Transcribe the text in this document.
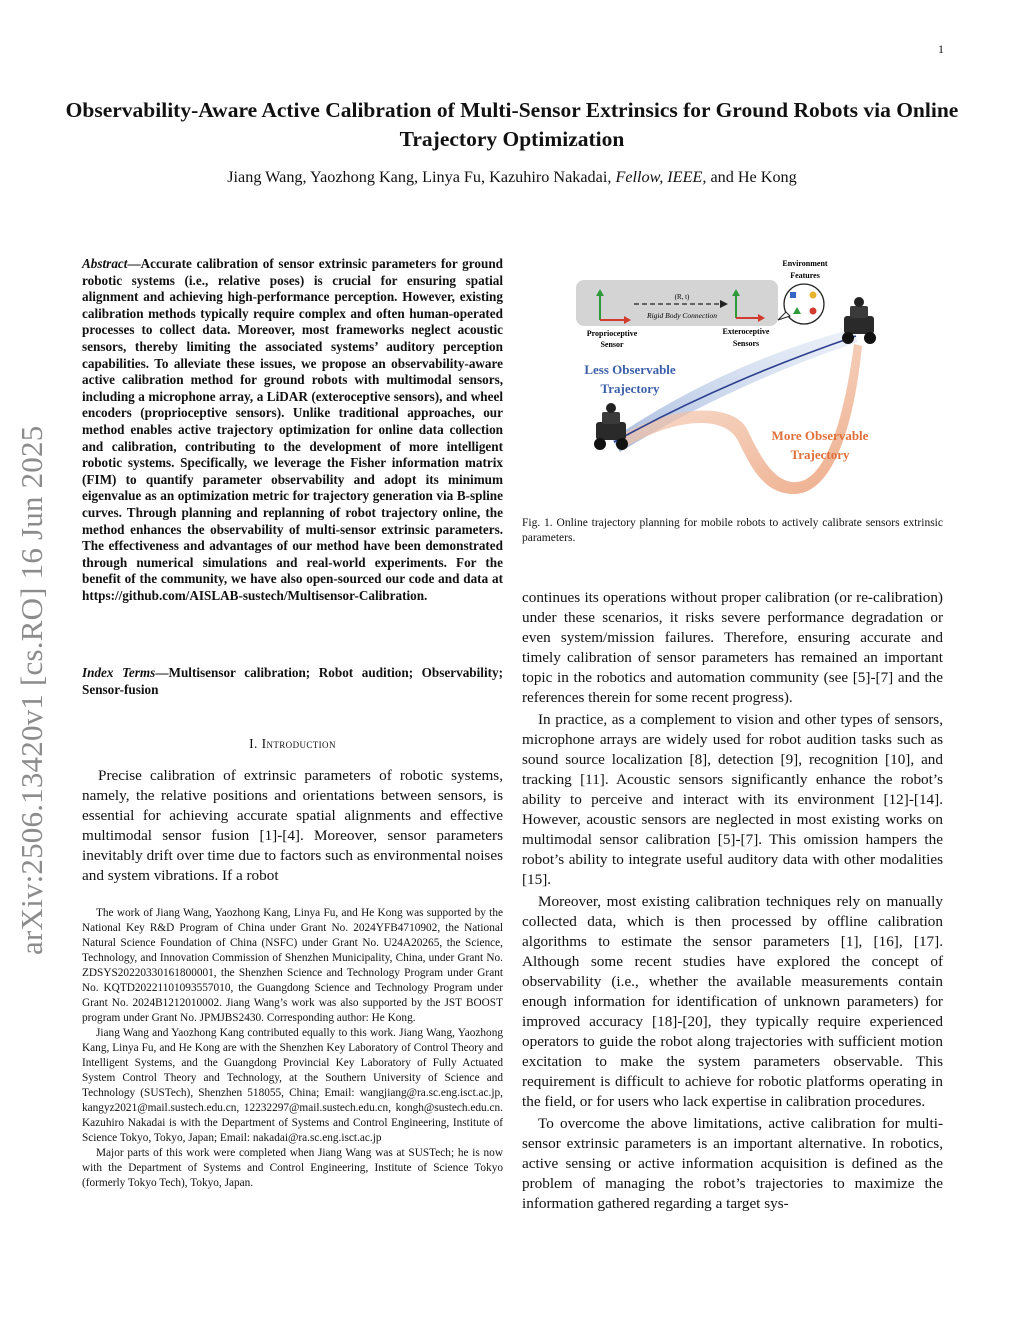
1
Observability-Aware Active Calibration of Multi-Sensor Extrinsics for Ground Robots via Online Trajectory Optimization
Jiang Wang, Yaozhong Kang, Linya Fu, Kazuhiro Nakadai, Fellow, IEEE, and He Kong
arXiv:2506.13420v1 [cs.RO] 16 Jun 2025
Abstract—Accurate calibration of sensor extrinsic parameters for ground robotic systems (i.e., relative poses) is crucial for ensuring spatial alignment and achieving high-performance perception. However, existing calibration methods typically require complex and often human-operated processes to collect data. Moreover, most frameworks neglect acoustic sensors, thereby limiting the associated systems’ auditory perception capabilities. To alleviate these issues, we propose an observability-aware active calibration method for ground robots with multimodal sensors, including a microphone array, a LiDAR (exteroceptive sensors), and wheel encoders (proprioceptive sensors). Unlike traditional approaches, our method enables active trajectory optimization for online data collection and calibration, contributing to the development of more intelligent robotic systems. Specifically, we leverage the Fisher information matrix (FIM) to quantify parameter observability and adopt its minimum eigenvalue as an optimization metric for trajectory generation via B-spline curves. Through planning and replanning of robot trajectory online, the method enhances the observability of multi-sensor extrinsic parameters. The effectiveness and advantages of our method have been demonstrated through numerical simulations and real-world experiments. For the benefit of the community, we have also open-sourced our code and data at https://github.com/AISLAB-sustech/Multisensor-Calibration.
Index Terms—Multisensor calibration; Robot audition; Observability; Sensor-fusion
I. Introduction
Precise calibration of extrinsic parameters of robotic systems, namely, the relative positions and orientations between sensors, is essential for achieving accurate spatial alignments and effective multimodal sensor fusion [1]-[4]. Moreover, sensor parameters inevitably drift over time due to factors such as environmental noises and system vibrations. If a robot

The work of Jiang Wang, Yaozhong Kang, Linya Fu, and He Kong was supported by the National Key R&D Program of China under Grant No. 2024YFB4710902, the National Natural Science Foundation of China (NSFC) under Grant No. U24A20265, the Science, Technology, and Innovation Commission of Shenzhen Municipality, China, under Grant No. ZDSYS20220330161800001, the Shenzhen Science and Technology Program under Grant No. KQTD20221101093557010, the Guangdong Science and Technology Program under Grant No. 2024B1212010002. Jiang Wang’s work was also supported by the JST BOOST program under Grant No. JPMJBS2430. Corresponding author: He Kong.

Jiang Wang and Yaozhong Kang contributed equally to this work. Jiang Wang, Yaozhong Kang, Linya Fu, and He Kong are with the Shenzhen Key Laboratory of Control Theory and Intelligent Systems, and the Guangdong Provincial Key Laboratory of Fully Actuated System Control Theory and Technology, at the Southern University of Science and Technology (SUSTech), Shenzhen 518055, China; Email: wangjiang@ra.sc.eng.isct.ac.jp, kangyz2021@mail.sustech.edu.cn, 12232297@mail.sustech.edu.cn, kongh@sustech.edu.cn. Kazuhiro Nakadai is with the Department of Systems and Control Engineering, Institute of Science Tokyo, Tokyo, Japan; Email: nakadai@ra.sc.eng.isct.ac.jp

Major parts of this work were completed when Jiang Wang was at SUSTech; he is now with the Department of Systems and Control Engineering, Institute of Science Tokyo (formerly Tokyo Tech), Tokyo, Japan.

(R, t)
Rigid Body Connection
Environment
Features
Proprioceptive
Sensor
Exteroceptive
Sensors
Less Observable
Trajectory
More Observable
Trajectory
Fig. 1. Online trajectory planning for mobile robots to actively calibrate sensors extrinsic parameters.

continues its operations without proper calibration (or re-calibration) under these scenarios, it risks severe performance degradation or even system/mission failures. Therefore, ensuring accurate and timely calibration of sensor parameters has remained an important topic in the robotics and automation community (see [5]-[7] and the references therein for some recent progress).

In practice, as a complement to vision and other types of sensors, microphone arrays are widely used for robot audition tasks such as sound source localization [8], detection [9], recognition [10], and tracking [11]. Acoustic sensors significantly enhance the robot’s ability to perceive and interact with its environment [12]-[14]. However, acoustic sensors are neglected in most existing works on multimodal sensor calibration [5]-[7]. This omission hampers the robot’s ability to integrate useful auditory data with other modalities [15].

Moreover, most existing calibration techniques rely on manually collected data, which is then processed by offline calibration algorithms to estimate the sensor parameters [1], [16], [17]. Although some recent studies have explored the concept of observability (i.e., whether the available measurements contain enough information for identification of unknown parameters) for improved accuracy [18]-[20], they typically require experienced operators to guide the robot along trajectories with sufficient motion excitation to make the system parameters observable. This requirement is difficult to achieve for robotic platforms operating in the field, or for users who lack expertise in calibration procedures.

To overcome the above limitations, active calibration for multi-sensor extrinsic parameters is an important alternative. In robotics, active sensing or active information acquisition is defined as the problem of managing the robot’s trajectories to maximize the information gathered regarding a target sys-
